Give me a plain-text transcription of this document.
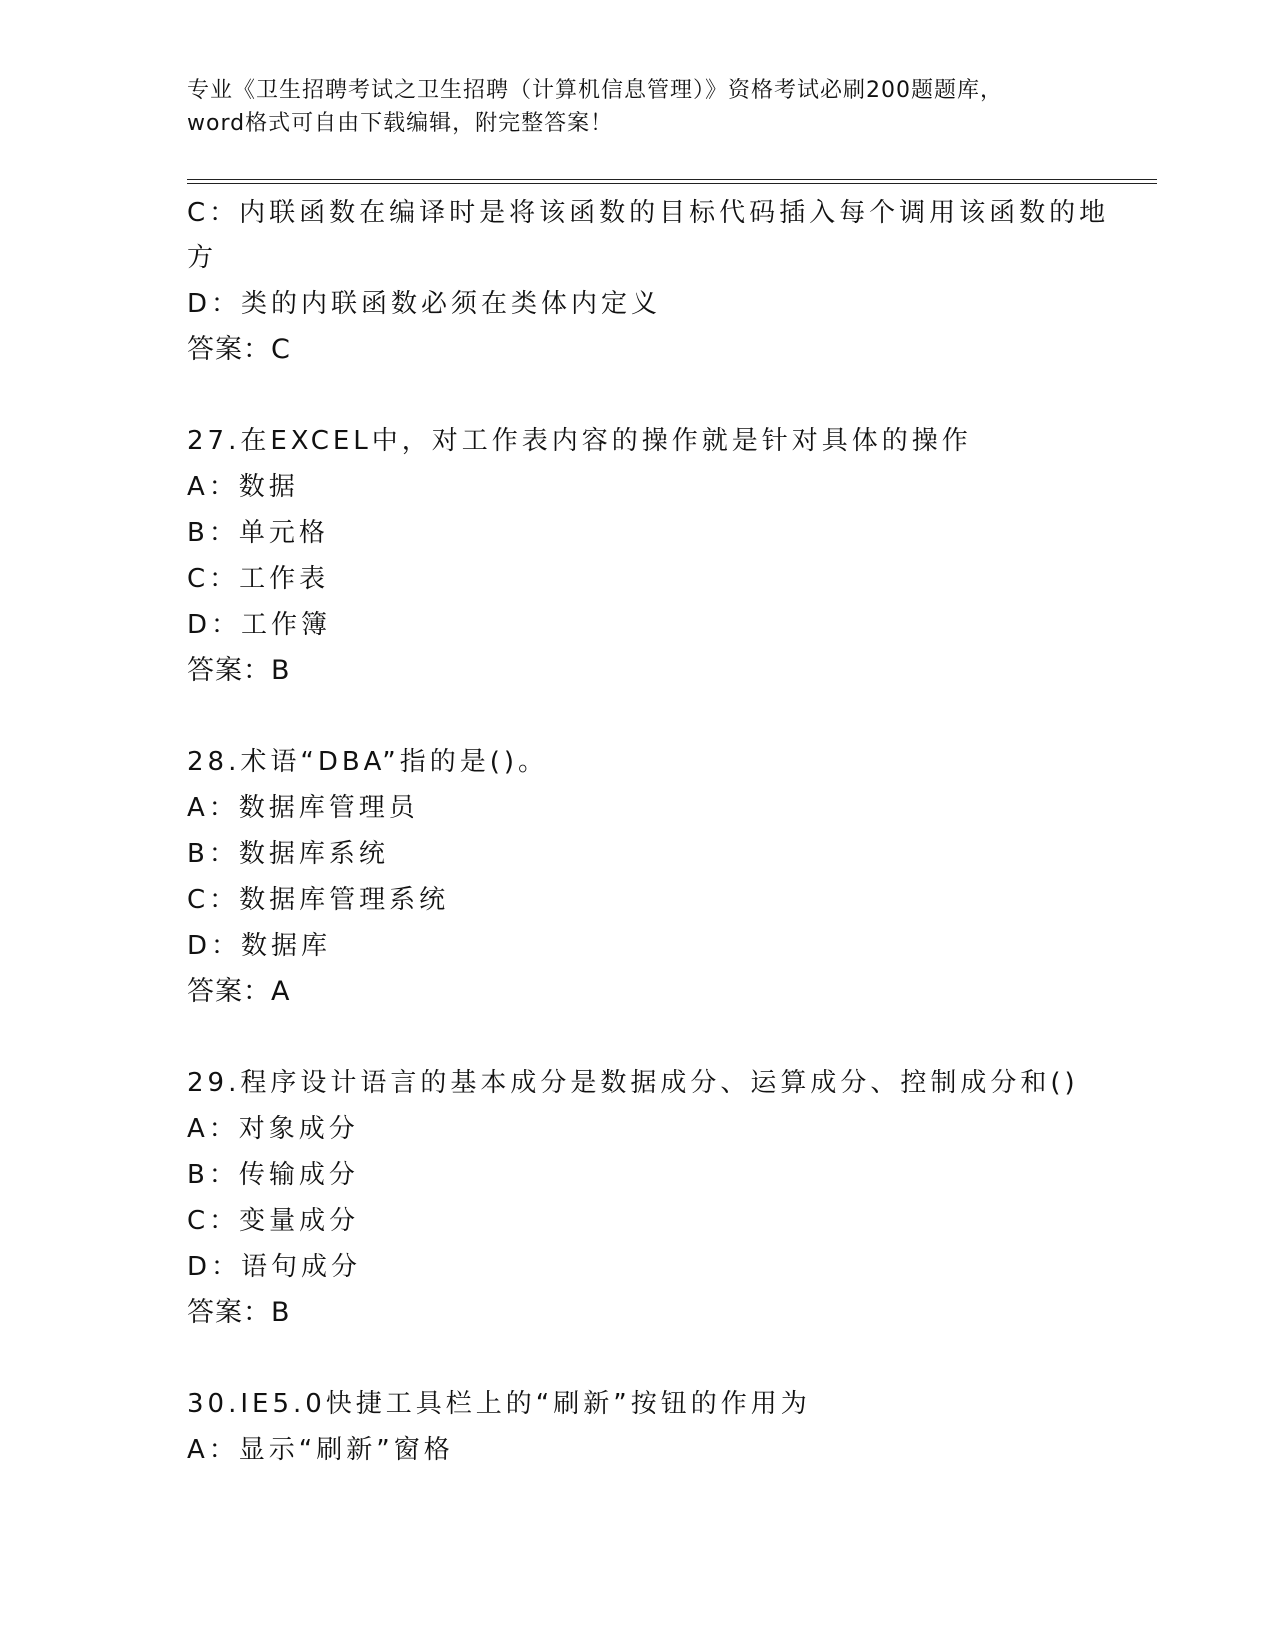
专业《卫生招聘考试之卫生招聘（计算机信息管理）》资格考试必刷200题题库，
word格式可自由下载编辑，附完整答案！
C：内联函数在编译时是将该函数的目标代码插入每个调用该函数的地
方
D：类的内联函数必须在类体内定义
答案：C
27.在EXCEL中，对工作表内容的操作就是针对具体的操作
A：数据
B：单元格
C：工作表
D：工作簿
答案：B
28.术语“DBA”指的是()。
A：数据库管理员
B：数据库系统
C：数据库管理系统
D：数据库
答案：A
29.程序设计语言的基本成分是数据成分、运算成分、控制成分和()
A：对象成分
B：传输成分
C：变量成分
D：语句成分
答案：B
30.IE5.0快捷工具栏上的“刷新”按钮的作用为
A：显示“刷新”窗格
